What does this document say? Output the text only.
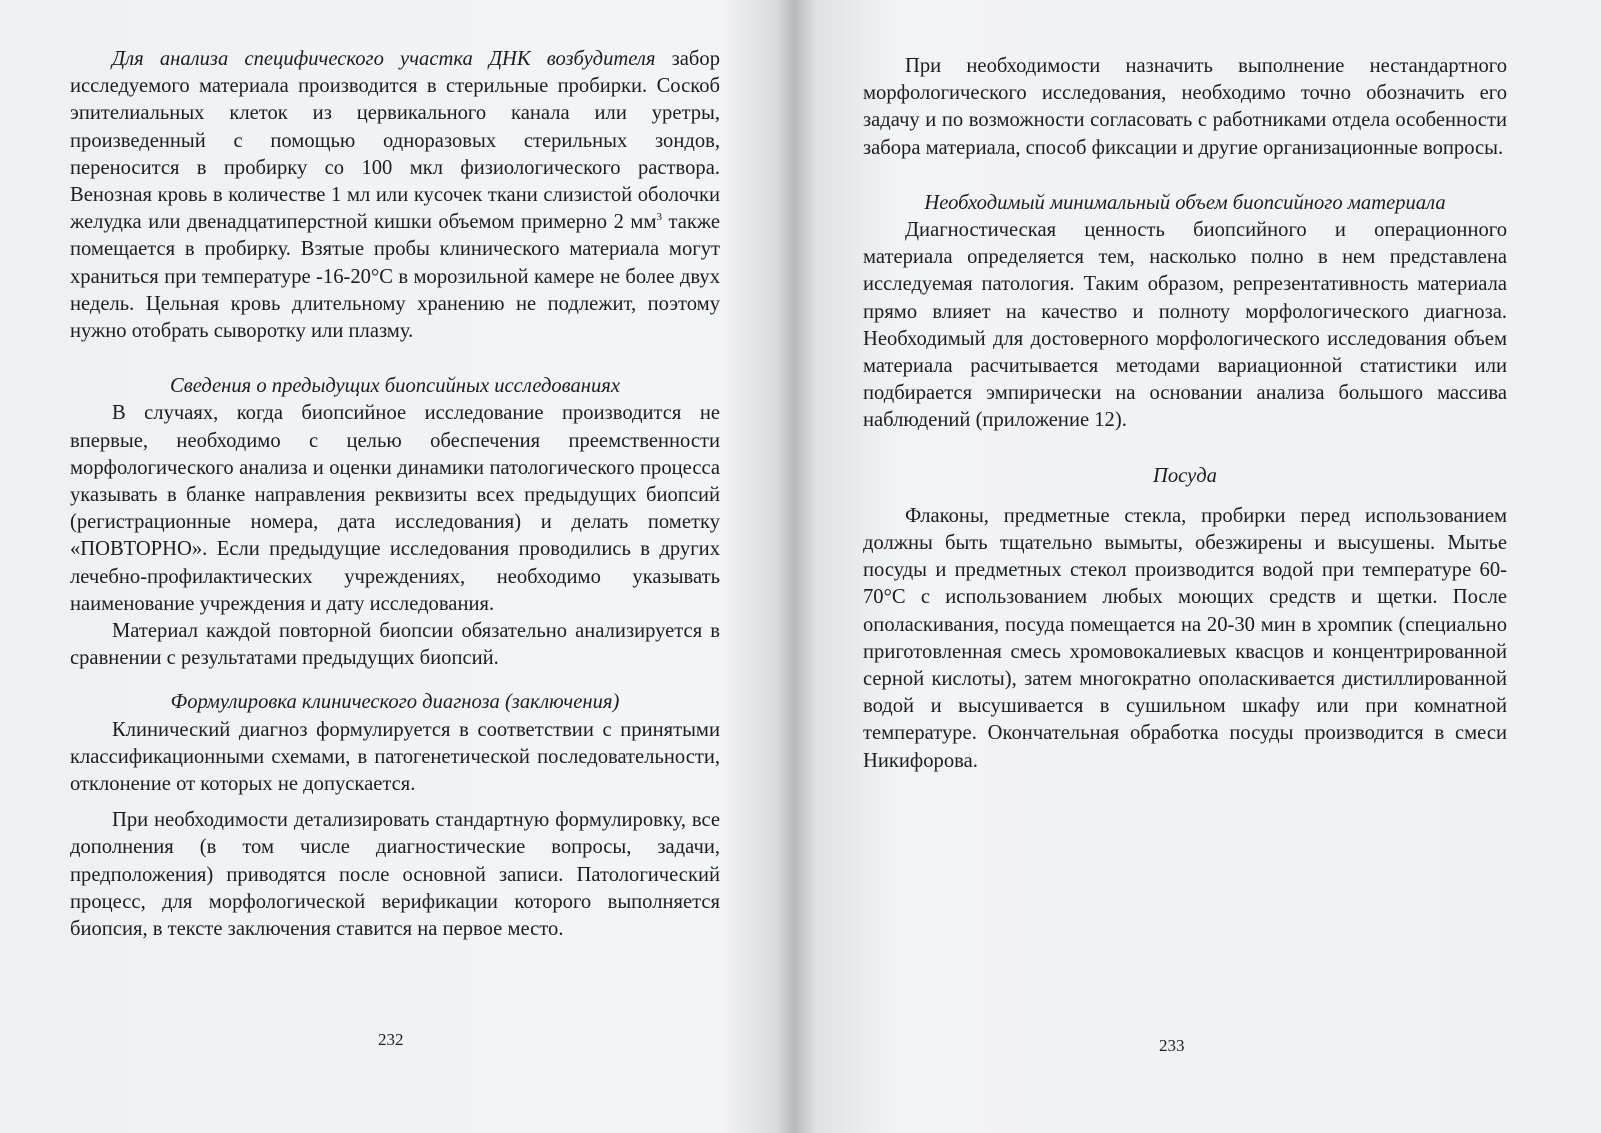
Для анализа специфического участка ДНК возбудителя забор исследуемого материала производится в стерильные пробирки. Соскоб эпителиальных клеток из цервикального канала или уретры, произведенный с помощью одноразовых стерильных зондов, переносится в пробирку со 100 мкл физиологического раствора. Венозная кровь в количестве 1 мл или кусочек ткани слизистой оболочки желудка или двенадцатиперстной кишки объемом примерно 2 $мм^3$ также помещается в пробирку. Взятые пробы клинического материала могут храниться при температуре -16-20°С в морозильной камере не более двух недель. Цельная кровь длительному хранению не подлежит, поэтому нужно отобрать сыворотку или плазму.

Сведения о предыдущих биопсийных исследованиях

В случаях, когда биопсийное исследование производится не впервые, необходимо с целью обеспечения преемственности морфологического анализа и оценки динамики патологического процесса указывать в бланке направления реквизиты всех предыдущих биопсий (регистрационные номера, дата исследования) и делать пометку «ПОВТОРНО». Если предыдущие исследования проводились в других лечебно-профилактических учреждениях, необходимо указывать наименование учреждения и дату исследования.

Материал каждой повторной биопсии обязательно анализируется в сравнении с результатами предыдущих биопсий.

Формулировка клинического диагноза (заключения)

Клинический диагноз формулируется в соответствии с принятыми классификационными схемами, в патогенетической последовательности, отклонение от которых не допускается.

При необходимости детализировать стандартную формулировку, все дополнения (в том числе диагностические вопросы, задачи, предположения) приводятся после основной записи. Патологический процесс, для морфологической верификации которого выполняется биопсия, в тексте заключения ставится на первое место.

232

При необходимости назначить выполнение нестандартного морфологического исследования, необходимо точно обозначить его задачу и по возможности согласовать с работниками отдела особенности забора материала, способ фиксации и другие организационные вопросы.

Необходимый минимальный объем биопсийного материала

Диагностическая ценность биопсийного и операционного материала определяется тем, насколько полно в нем представлена исследуемая патология. Таким образом, репрезентативность материала прямо влияет на качество и полноту морфологического диагноза. Необходимый для достоверного морфологического исследования объем материала расчитывается методами вариационной статистики или подбирается эмпирически на основании анализа большого массива наблюдений (приложение 12).

Посуда

Флаконы, предметные стекла, пробирки перед использованием должны быть тщательно вымыты, обезжирены и высушены. Мытье посуды и предметных стекол производится водой при температуре 60-70°С с использованием любых моющих средств и щетки. После ополаскивания, посуда помещается на 20-30 мин в хромпик (специально приготовленная смесь хромовокалиевых квасцов и концентрированной серной кислоты), затем многократно ополаскивается дистиллированной водой и высушивается в сушильном шкафу или при комнатной температуре. Окончательная обработка посуды производится в смеси Никифорова.

233
